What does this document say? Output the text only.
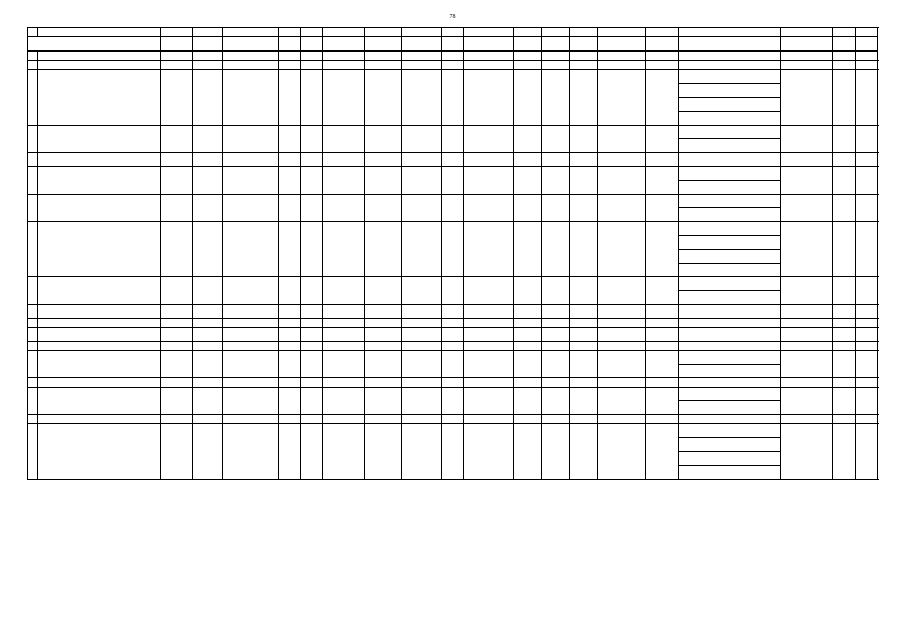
78
